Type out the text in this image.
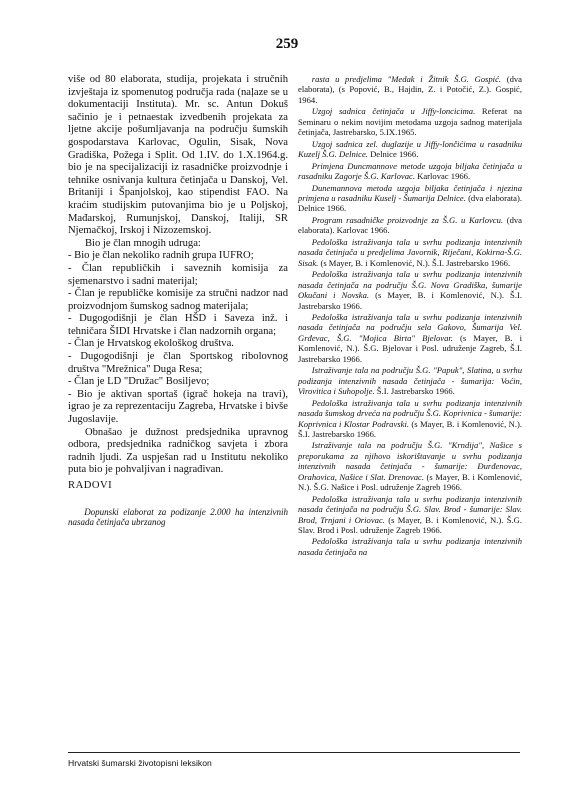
259

više od 80 elaborata, studija, projekata i stručnih izvještaja iz spomenutog područja rada (naļaze se u dokumentaciji Instituta). Mr. sc. Antun Dokuš sačinio je i petnaestak izvedbenih projekata za ljetne akcije pošumljavanja na području šumskih gospodarstava Karlovac, Ogulin, Sisak, Nova Gradiška, Požega i Split. Od 1.IV. do 1.X.1964.g. bio je na specijalizaciji iz rasadničke proizvodnje i tehnike osnivanja kultura četinjača u Danskoj, Vel. Britaniji i Španjolskoj, kao stipendist FAO. Na kraćim studijskim putovanjima bio je u Poljskoj, Mađarskoj, Rumunjskoj, Danskoj, Italiji, SR Njemačkoj, Irskoj i Nizozemskoj.

Bio je član mnogih udruga:

- Bio je član nekoliko radnih grupa IUFRO;

- Član republičkih i saveznih komisija za sjemenarstvo i sadni materijal;

- Član je republičke komisije za stručni nadzor nad proizvodnjom šumskog sadnog materijala;

- Dugogodišnji je član HŠD i Saveza inž. i tehničara ŠIDI Hrvatske i član nadzornih organa;

- Član je Hrvatskog ekološkog društva.

- Dugogodišnji je član Sportskog ribolovnog društva "Mrežnica" Duga Resa;

- Član je LD "Družac" Bosiljevo;

- Bio je aktivan sportaš (igrač hokeja na travi), igrao je za reprezentaciju Zagreba, Hrvatske i bivše Jugoslavije.

Obnašao je dužnost predsjednika upravnog odbora, predsjednika radničkog savjeta i zbora radnih ljudi. Za uspješan rad u Institutu nekoliko puta bio je pohvaljivan i nagrađivan.

RADOVI

Dopunski elaborat za podizanje 2.000 ha intenzivnih nasada četinjača ubrzanog

rasta u predjelima "Medak i Žitnik Š.G. Gospić. (dva elaborata), (s Popović, B., Hajdin, Z. i Potočić, Z.). Gospić, 1964.

Uzgoj sadnica četinjača u Jiffy-loncicima. Referat na Seminaru o nekim novijim metodama uzgoja sadnog materijala četinjača, Jastrebarsko, 5.IX.1965.

Uzgoj sadnica zel. duglazije u Jiffy-lončićima u rasadniku Kuzelj Š.G. Delnice. Delnice 1966.

Primjena Duncmannove metode uzgoja biljaka četinjača u rasadniku Zagorje Š.G. Karlovac. Karlovac 1966.

Dunemannova metoda uzgoja biljaka četinjača i njezina primjena u rasadniku Kuselj - Šumarija Delnice. (dva elaborata). Delnice 1966.

Program rasadničke proizvodnje za Š.G. u Karlovcu. (dva elaborata). Karlovac 1966.

Pedološka istraživanja tala u svrhu podizanja intenzivnih nasada četinjača u predjelima Javornik, Riječani, Kokirna-Š.G. Sisak. (s Mayer, B. i Komlenović, N.). Š.I. Jastrebarsko 1966.

Pedološka istraživanja tala u svrhu podizanja intenzivnih nasada četinjača na području Š.G. Nova Gradiška, šumarije Okučani i Novska. (s Mayer, B. i Komlenović, N.). Š.I. Jastrebarsko 1966.

Pedološka istraživanja tala u svrhu podizanja intenzivnih nasada četinjača na području sela Gakovo, Šumarija Vel. Grđevac, Š.G. "Mojica Birta" Bjelovar. (s Mayer, B. i Komlenović, N.). Š.G. Bjelovar i Posl. udruženje Zagreb, Š.I. Jastrebarsko 1966.

Istraživanje tala na području Š.G. "Papuk", Slatina, u svrhu podizanja intenzivnih nasada četinjača - šumarija: Voćin, Virovitica i Suhopolje. Š.I. Jastrebarsko 1966.

Pedološka istraživanja tala u svrhu podizanja intenzivnih nasada šumskog drveća na području Š.G. Koprivnica - šumarije: Koprivnica i Klostar Podravski. (s Mayer, B. i Komlenović, N.). Š.I. Jastrebarsko 1966.

Istraživanje tala na području Š.G. "Krndija", Našice s preporukama za njihovo iskorištavanje u svrhu podizanja intenzivnih nasada četinjača - šumarije: Đurđenovac, Orahovica, Našice i Slat. Drenovac. (s Mayer, B. i Komlenović, N.). Š.G. Našice i Posl. udruženje Zagreb 1966.

Pedološka istraživanja tala u svrhu podizanja intenzivnih nasada četinjača na području Š.G. Slav. Brod - šumarije: Slav. Brod, Trnjani i Oriovac. (s Mayer, B. i Komlenović, N.). Š.G. Slav. Brod i Posl. udruženje Zagreb 1966.

Pedološka istraživanja tala u svrhu podizanja intenzivnih nasada četinjača na

Hrvatski šumarski životopisni leksikon
